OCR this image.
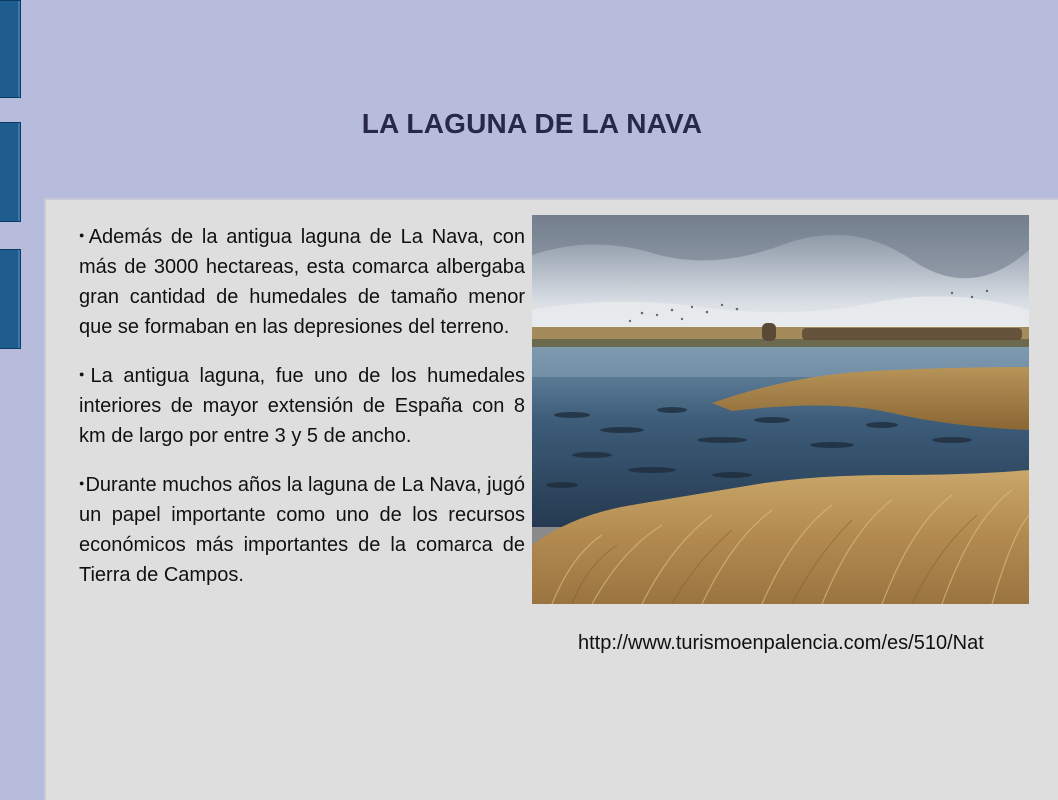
LA LAGUNA DE LA NAVA

●Además de la antigua laguna de La Nava, con más de 3000 hectareas, esta comarca albergaba gran cantidad de humedales de tamaño menor que se formaban en las depresiones del terreno.

●La antigua laguna, fue uno de los humedales interiores de mayor extensión de España con 8 km de largo por entre 3 y 5 de ancho.

●Durante muchos años la laguna de La Nava, jugó un papel importante como uno de los recursos económicos más importantes de la comarca de Tierra de Campos.

http://www.turismoenpalencia.com/es/510/Nat
